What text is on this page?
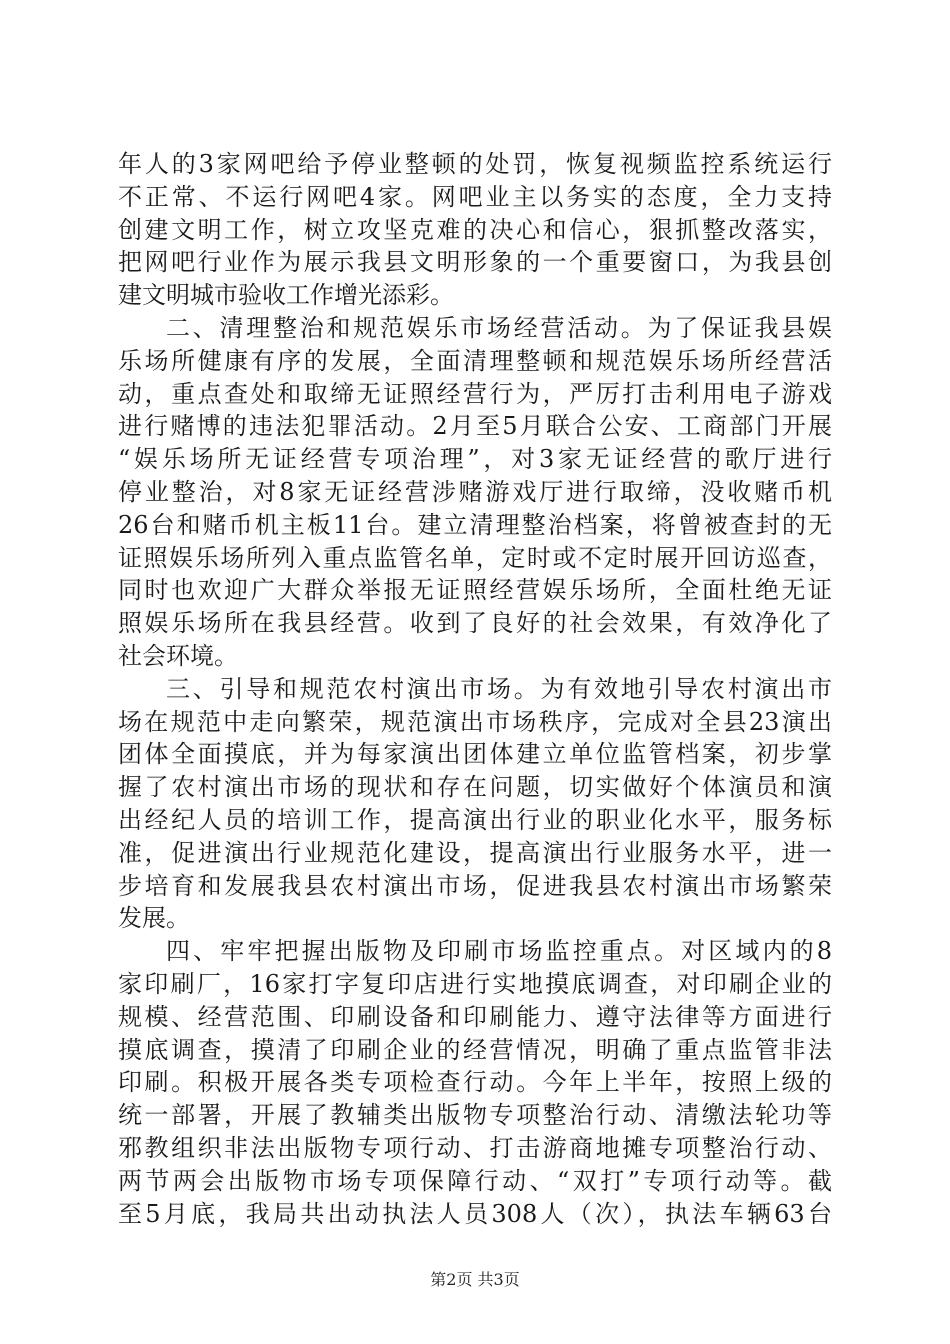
年人的3家网吧给予停业整顿的处罚，恢复视频监控系统运行
不正常、不运行网吧4家。网吧业主以务实的态度，全力支持
创建文明工作，树立攻坚克难的决心和信心，狠抓整改落实，
把网吧行业作为展示我县文明形象的一个重要窗口，为我县创
建文明城市验收工作增光添彩。
二、清理整治和规范娱乐市场经营活动。为了保证我县娱
乐场所健康有序的发展，全面清理整顿和规范娱乐场所经营活
动，重点查处和取缔无证照经营行为，严厉打击利用电子游戏
进行赌博的违法犯罪活动。2月至5月联合公安、工商部门开展
“娱乐场所无证经营专项治理”，对3家无证经营的歌厅进行
停业整治，对8家无证经营涉赌游戏厅进行取缔，没收赌币机
26台和赌币机主板11台。建立清理整治档案，将曾被查封的无
证照娱乐场所列入重点监管名单，定时或不定时展开回访巡查，
同时也欢迎广大群众举报无证照经营娱乐场所，全面杜绝无证
照娱乐场所在我县经营。收到了良好的社会效果，有效净化了
社会环境。
三、引导和规范农村演出市场。为有效地引导农村演出市
场在规范中走向繁荣，规范演出市场秩序，完成对全县23演出
团体全面摸底，并为每家演出团体建立单位监管档案，初步掌
握了农村演出市场的现状和存在问题，切实做好个体演员和演
出经纪人员的培训工作，提高演出行业的职业化水平，服务标
准，促进演出行业规范化建设，提高演出行业服务水平，进一
步培育和发展我县农村演出市场，促进我县农村演出市场繁荣
发展。
四、牢牢把握出版物及印刷市场监控重点。对区域内的8
家印刷厂，16家打字复印店进行实地摸底调查，对印刷企业的
规模、经营范围、印刷设备和印刷能力、遵守法律等方面进行
摸底调查，摸清了印刷企业的经营情况，明确了重点监管非法
印刷。积极开展各类专项检查行动。今年上半年，按照上级的
统一部署，开展了教辅类出版物专项整治行动、清缴法轮功等
邪教组织非法出版物专项行动、打击游商地摊专项整治行动、
两节两会出版物市场专项保障行动、“双打”专项行动等。截
至5月底，我局共出动执法人员308人（次），执法车辆63台
第2页 共3页
